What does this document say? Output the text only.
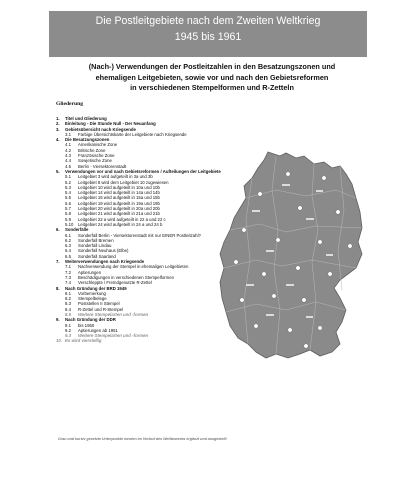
Die Postleitgebiete nach dem Zweiten Weltkrieg
1945 bis 1961
(Nach-) Verwendungen der Postleitzahlen in den Besatzungszonen und
ehemaligen Leitgebieten, sowie vor und nach den Gebietsreformen
in verschiedenen Stempelformen und R-Zetteln
Gliederung
1. Titel und Gliederung
2. Einleitung - Die Stunde Null - Der Neuanfang
3. Gebietsübersicht nach Kriegsende
3.1 Farbige Übersichtskarte der Leitgebiete nach Kriegsende
4. Die Besatzungszonen
4.1 Amerikanische Zone
4.2 Britische Zone
4.3 Französische Zone
4.4 Sowjetische Zone
4.5 Berlin - Viersektorenstadt
5. Verwendungen vor und nach Gebietsreformen / Aufteilungen der Leitgebiete
5.1 Leitgebiet 3 wird aufgeteilt in 3a und 3b
5.2 Leitgebiet 8 wird dem Leitgebiet 10 zugewiesen
5.3 Leitgebiet 10 wird aufgeteilt in 10a und 10b
5.4 Leitgebiet 14 wird aufgeteilt in 14a und 14b
5.5 Leitgebiet 15 wird aufgeteilt in 15a und 15b
5.6 Leitgebiet 19 wird aufgeteilt in 19a und 19b
5.7 Leitgebiet 20 wird aufgeteilt in 20a und 20b
5.8 Leitgebiet 21 wird aufgeteilt in 21a und 21b
5.9 Leitgebiet 22 a wird aufgeteilt in 22 a und 22 c
5.10 Leitgebiet 24 wird aufgeteilt in 24 a und 24 b
6. Sonderfälle
6.1 Sonderfall Berlin - Viersektorenstadt mit nur EINER Postleitzahl?
6.2 Sonderfall Bremen
6.3 Sonderfall Lindau
6.4 Sonderfall Neuhaus (Elbe)
6.5 Sonderfall Saarland
7. Weiterverwendungen nach Kriegsende
7.1 Nachverwendung der Stempel in ehemaligen Leitgebieten
7.2 Aptierungen
7.3 Beschädigungen in verschiedenen Stempelformen
7.4 Verschleppte / Fremdgenutzte R-Zettel
8. Nach Gründung der BRD 1949
8.1 Vorbemerkung
8.2 Stempelbelege
8.3 Poststellen II Stempel
8.4 R-Zettel und R-Stempel
8.5 Weitere Stempelarten und -formen
9. Nach Gründung der DDR
9.1 bis 1950
9.2 Aptierungen ab 1951
9.3 Weitere Stempelarten und -formen
10. Es wird vierstellig
Grau und kursiv gesetzte Unterpunkte werden im Verlauf des Wettbewerbs ergänzt und ausgestellt
